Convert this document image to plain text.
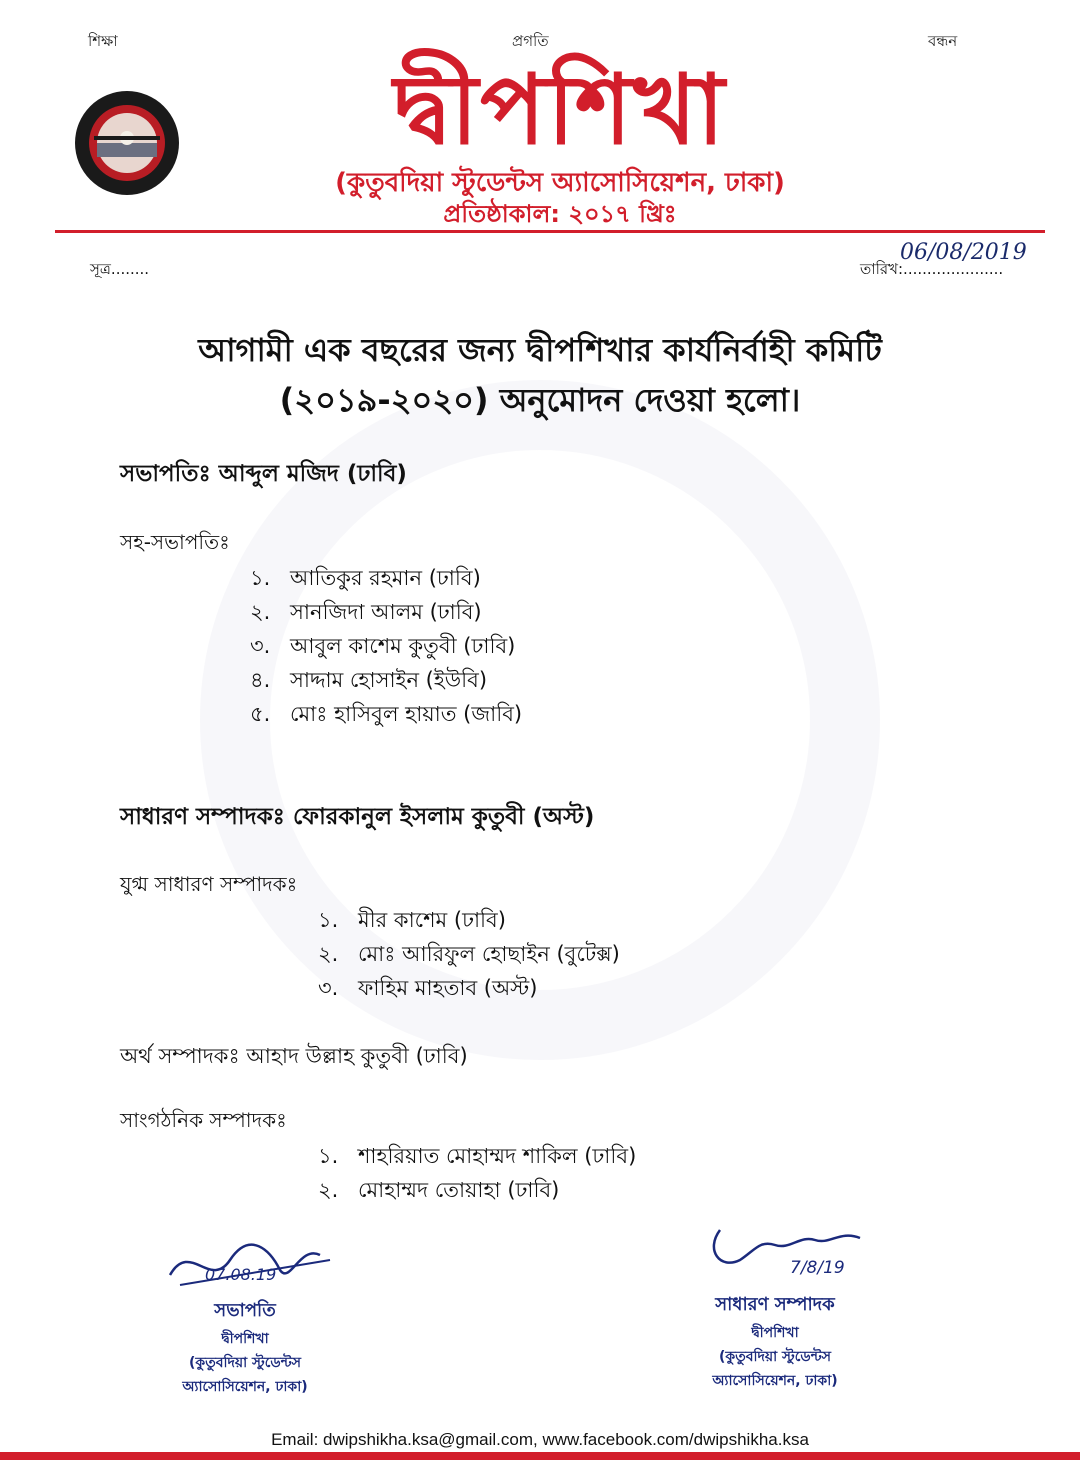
শিক্ষা	প্রগতি	বন্ধন
দ্বীপশিখা
(কুতুবদিয়া স্টুডেন্টস অ্যাসোসিয়েশন, ঢাকা)
প্রতিষ্ঠাকাল: ২০১৭ খ্রিঃ
সূত্র........	তারিখ:.....................
06/08/2019
আগামী এক বছরের জন্য দ্বীপশিখার কার্যনির্বাহী কমিটি
(২০১৯-২০২০) অনুমোদন দেওয়া হলো।
সভাপতিঃ আব্দুল মজিদ (ঢাবি)
সহ-সভাপতিঃ
১. আতিকুর রহমান (ঢাবি)
২. সানজিদা আলম (ঢাবি)
৩. আবুল কাশেম কুতুবী (ঢাবি)
৪. সাদ্দাম হোসাইন (ইউবি)
৫. মোঃ হাসিবুল হায়াত (জাবি)
সাধারণ সম্পাদকঃ ফোরকানুল ইসলাম কুতুবী (অস্ট)
যুগ্ম সাধারণ সম্পাদকঃ
১. মীর কাশেম (ঢাবি)
২. মোঃ আরিফুল হোছাইন (বুটেক্স)
৩. ফাহিম মাহতাব (অস্ট)
অর্থ সম্পাদকঃ আহাদ উল্লাহ কুতুবী (ঢাবি)
সাংগঠনিক সম্পাদকঃ
১. শাহরিয়াত মোহাম্মদ শাকিল (ঢাবি)
২. মোহাম্মদ তোয়াহা (ঢাবি)
07.08.19
সভাপতি
দ্বীপশিখা
(কুতুবদিয়া স্টুডেন্টস
অ্যাসোসিয়েশন, ঢাকা)
7/8/19
সাধারণ সম্পাদক
দ্বীপশিখা
(কুতুবদিয়া স্টুডেন্টস
অ্যাসোসিয়েশন, ঢাকা)
Email: dwipshikha.ksa@gmail.com, www.facebook.com/dwipshikha.ksa
